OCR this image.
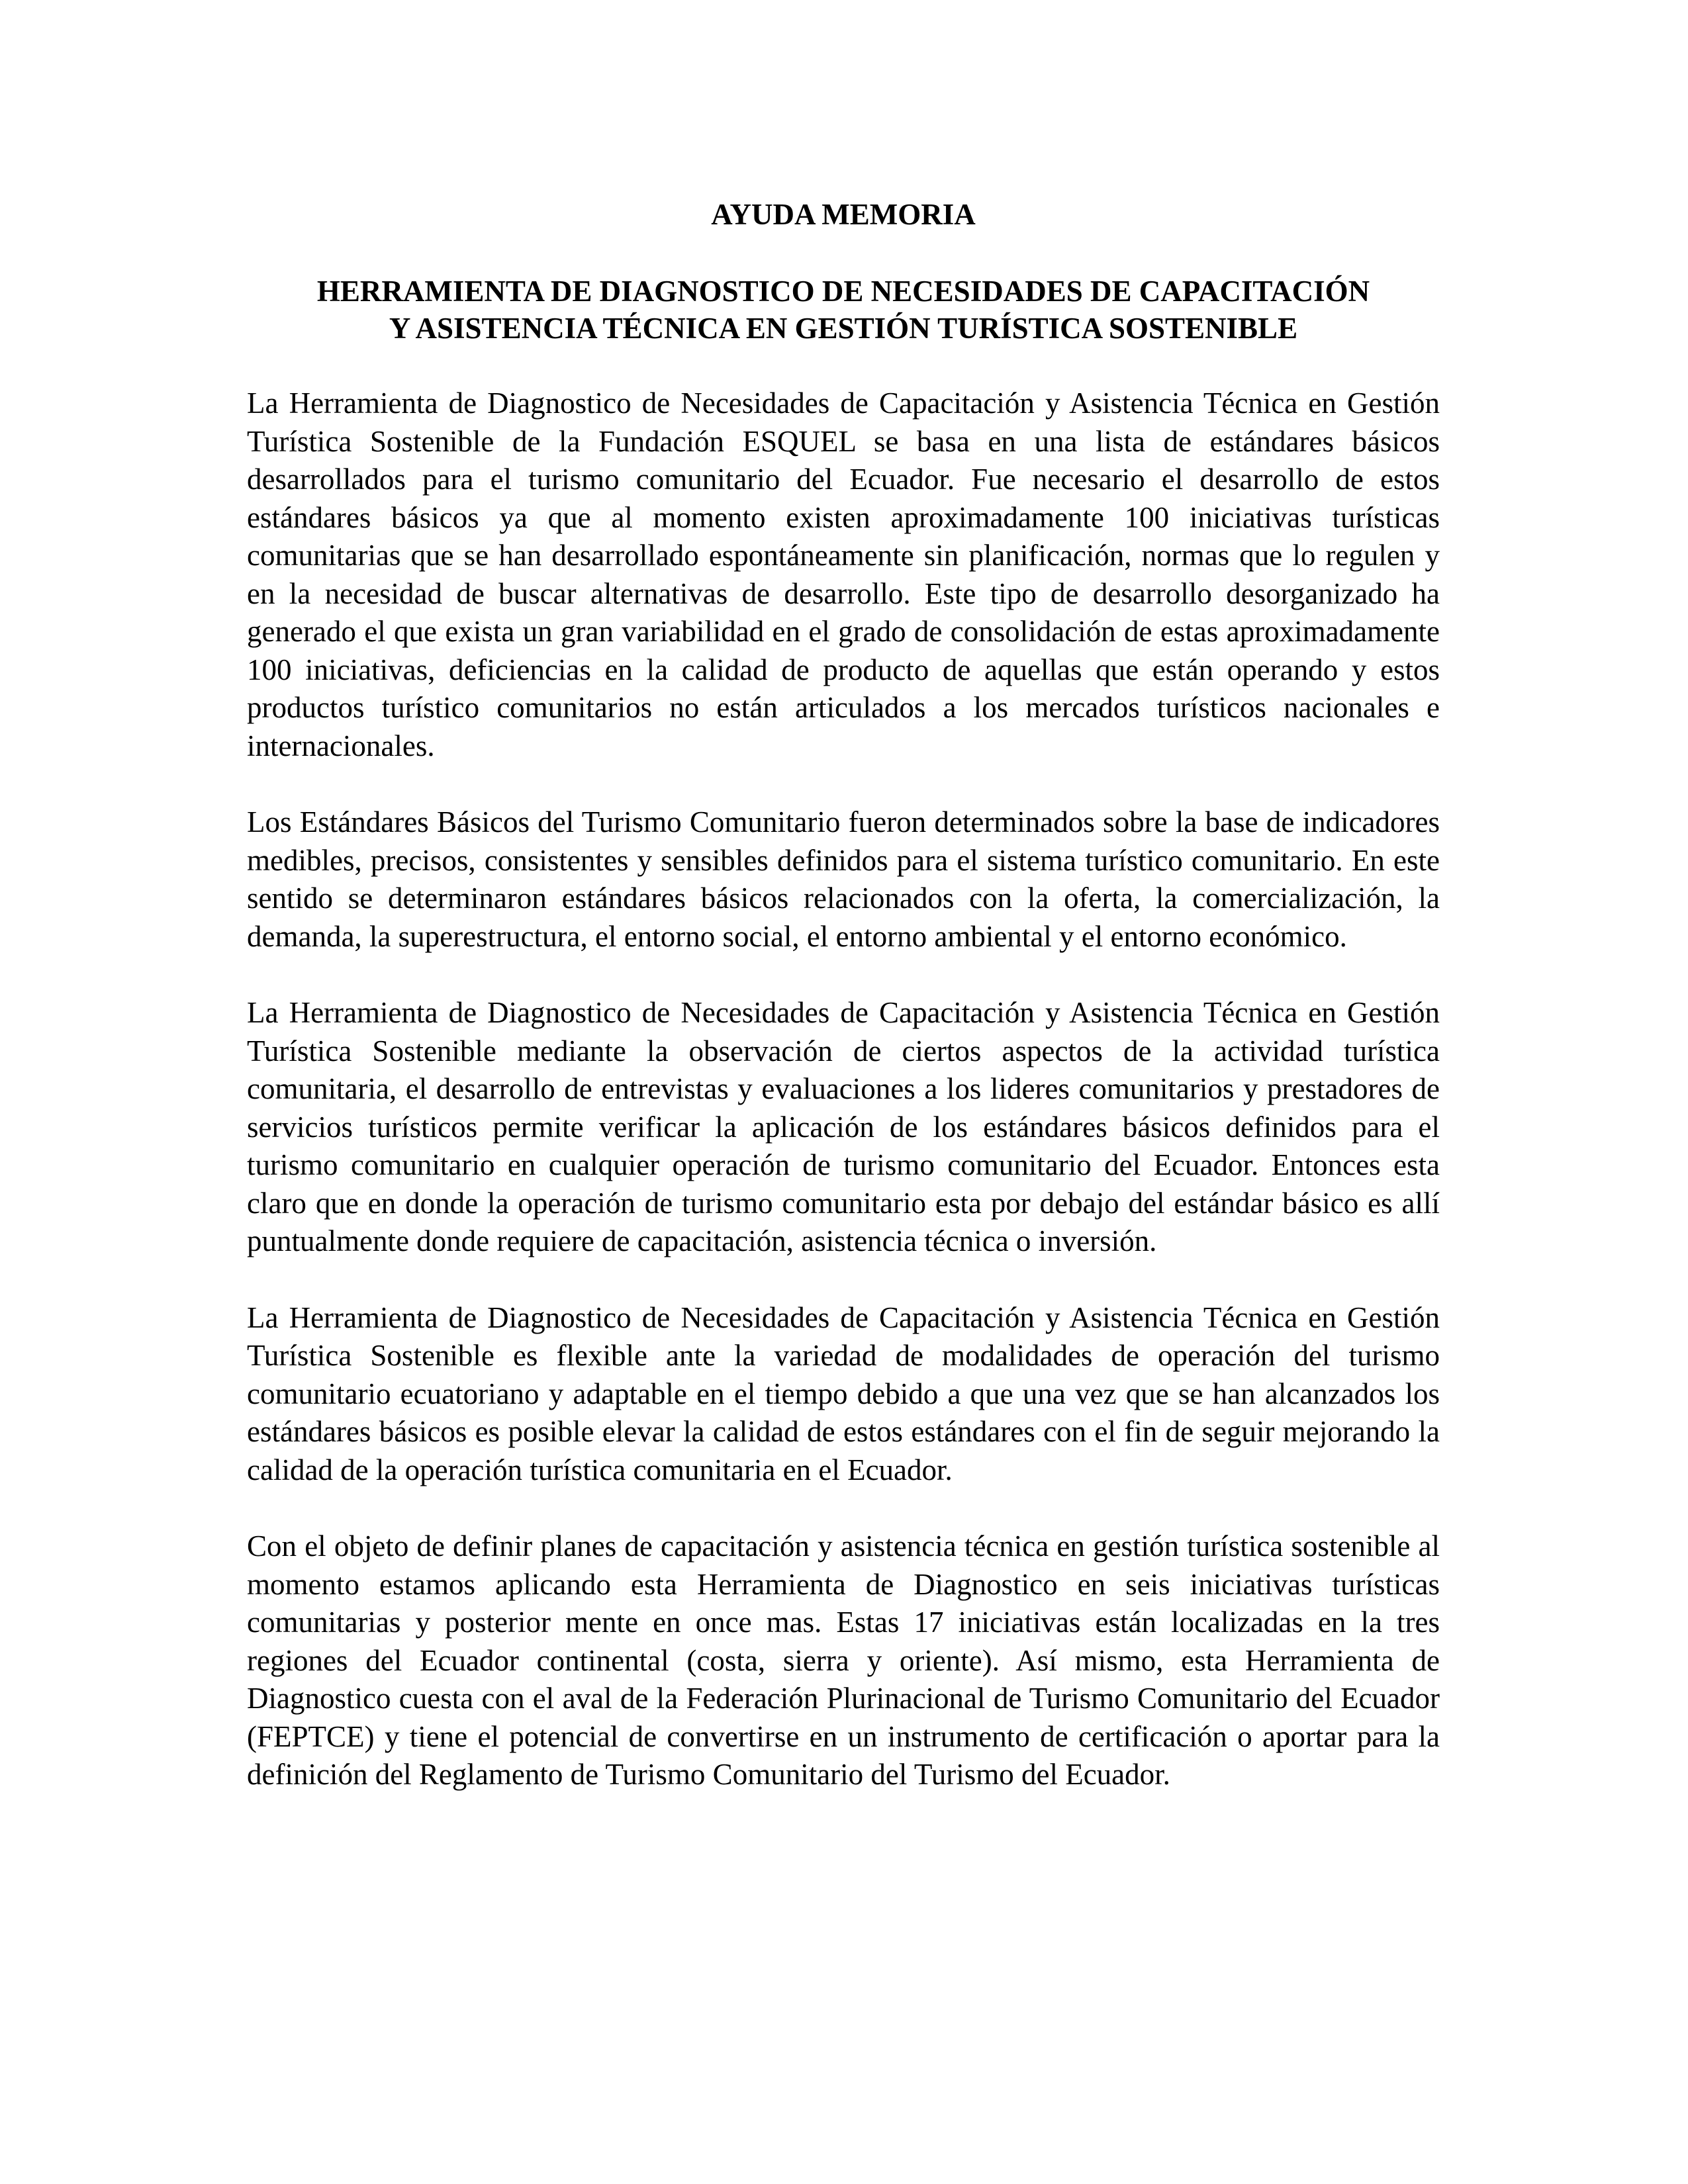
AYUDA MEMORIA
HERRAMIENTA DE DIAGNOSTICO DE NECESIDADES DE CAPACITACIÓN
Y ASISTENCIA TÉCNICA EN GESTIÓN TURÍSTICA SOSTENIBLE

La Herramienta de Diagnostico de Necesidades de Capacitación y Asistencia Técnica en Gestión Turística Sostenible de la Fundación ESQUEL se basa en una lista de estándares básicos desarrollados para el turismo comunitario del Ecuador. Fue necesario el desarrollo de estos estándares básicos ya que al momento existen aproximadamente 100 iniciativas turísticas comunitarias que se han desarrollado espontáneamente sin planificación, normas que lo regulen y en la necesidad de buscar alternativas de desarrollo. Este tipo de desarrollo desorganizado ha generado el que exista un gran variabilidad en el grado de consolidación de estas aproximadamente 100 iniciativas, deficiencias en la calidad de producto de aquellas que están operando y estos productos turístico comunitarios no están articulados a los mercados turísticos nacionales e internacionales.

Los Estándares Básicos del Turismo Comunitario fueron determinados sobre la base de indicadores medibles, precisos, consistentes y sensibles definidos para el sistema turístico comunitario. En este sentido se determinaron estándares básicos relacionados con la oferta, la comercialización, la demanda, la superestructura, el entorno social, el entorno ambiental y el entorno económico.

La Herramienta de Diagnostico de Necesidades de Capacitación y Asistencia Técnica en Gestión Turística Sostenible mediante la observación de ciertos aspectos de la actividad turística comunitaria, el desarrollo de entrevistas y evaluaciones a los lideres comunitarios y prestadores de servicios turísticos permite verificar la aplicación de los estándares básicos definidos para el turismo comunitario en cualquier operación de turismo comunitario del Ecuador. Entonces esta claro que en donde la operación de turismo comunitario esta por debajo del estándar básico es allí puntualmente donde requiere de capacitación, asistencia técnica o inversión.

La Herramienta de Diagnostico de Necesidades de Capacitación y Asistencia Técnica en Gestión Turística Sostenible es flexible ante la variedad de modalidades de operación del turismo comunitario ecuatoriano y adaptable en el tiempo debido a que una vez que se han alcanzados los estándares básicos es posible elevar la calidad de estos estándares con el fin de seguir mejorando la calidad de la operación turística comunitaria en el Ecuador.

Con el objeto de definir planes de capacitación y asistencia técnica en gestión turística sostenible al momento estamos aplicando esta Herramienta de Diagnostico en seis iniciativas turísticas comunitarias y posterior mente en once mas. Estas 17 iniciativas están localizadas en la tres regiones del Ecuador continental (costa, sierra y oriente). Así mismo, esta Herramienta de Diagnostico cuesta con el aval de la Federación Plurinacional de Turismo Comunitario del Ecuador (FEPTCE) y tiene el potencial de convertirse en un instrumento de certificación o aportar para la definición del Reglamento de Turismo Comunitario del Turismo del Ecuador.
